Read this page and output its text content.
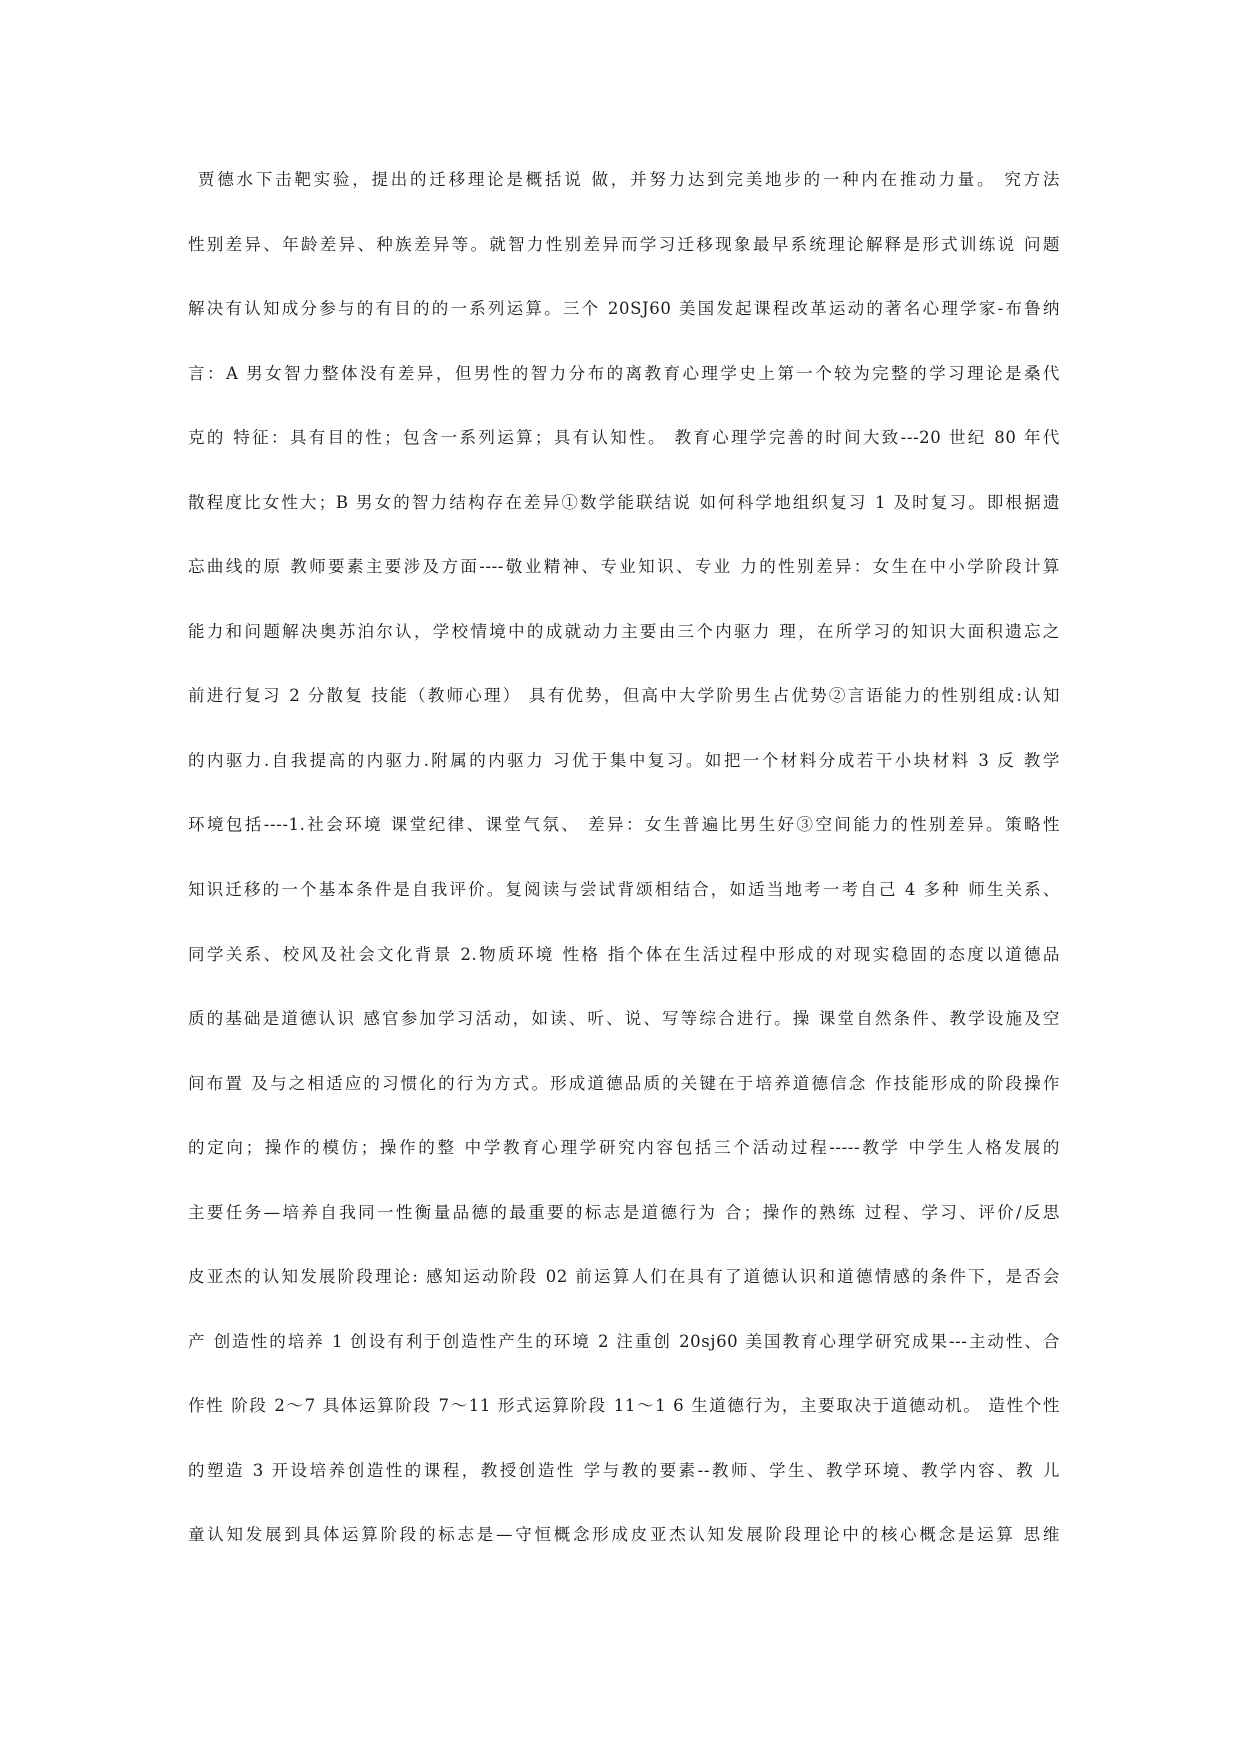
贾德水下击靶实验，提出的迁移理论是概括说 做，并努力达到完美地步的一种内在推动力量。 究方法
性别差异、年龄差异、种族差异等。就智力性别差异而学习迁移现象最早系统理论解释是形式训练说 问题
解决有认知成分参与的有目的的一系列运算。三个 20SJ60 美国发起课程改革运动的著名心理学家-布鲁纳
言：A 男女智力整体没有差异，但男性的智力分布的离教育心理学史上第一个较为完整的学习理论是桑代
克的 特征：具有目的性；包含一系列运算；具有认知性。 教育心理学完善的时间大致---20 世纪 80 年代
散程度比女性大；B 男女的智力结构存在差异①数学能联结说 如何科学地组织复习 1 及时复习。即根据遗
忘曲线的原 教师要素主要涉及方面----敬业精神、专业知识、专业 力的性别差异：女生在中小学阶段计算
能力和问题解决奥苏泊尔认，学校情境中的成就动力主要由三个内驱力 理，在所学习的知识大面积遗忘之
前进行复习 2 分散复 技能（教师心理） 具有优势，但高中大学阶男生占优势②言语能力的性别组成:认知
的内驱力.自我提高的内驱力.附属的内驱力 习优于集中复习。如把一个材料分成若干小块材料 3 反 教学
环境包括----1.社会环境 课堂纪律、课堂气氛、 差异：女生普遍比男生好③空间能力的性别差异。策略性
知识迁移的一个基本条件是自我评价。复阅读与尝试背颂相结合，如适当地考一考自己 4 多种 师生关系、
同学关系、校风及社会文化背景 2.物质环境 性格 指个体在生活过程中形成的对现实稳固的态度以道德品
质的基础是道德认识 感官参加学习活动，如读、听、说、写等综合进行。操 课堂自然条件、教学设施及空
间布置 及与之相适应的习惯化的行为方式。形成道德品质的关键在于培养道德信念 作技能形成的阶段操作
的定向；操作的模仿；操作的整 中学教育心理学研究内容包括三个活动过程-----教学 中学生人格发展的
主要任务—培养自我同一性衡量品德的最重要的标志是道德行为 合；操作的熟练 过程、学习、评价/反思
皮亚杰的认知发展阶段理论: 感知运动阶段 02 前运算人们在具有了道德认识和道德情感的条件下，是否会
产 创造性的培养 1 创设有利于创造性产生的环境 2 注重创 20sj60 美国教育心理学研究成果---主动性、合
作性 阶段 2～7 具体运算阶段 7～11 形式运算阶段 11～1 6 生道德行为，主要取决于道德动机。 造性个性
的塑造 3 开设培养创造性的课程，教授创造性 学与教的要素--教师、学生、教学环境、教学内容、教 儿
童认知发展到具体运算阶段的标志是—守恒概念形成皮亚杰认知发展阶段理论中的核心概念是运算 思维
